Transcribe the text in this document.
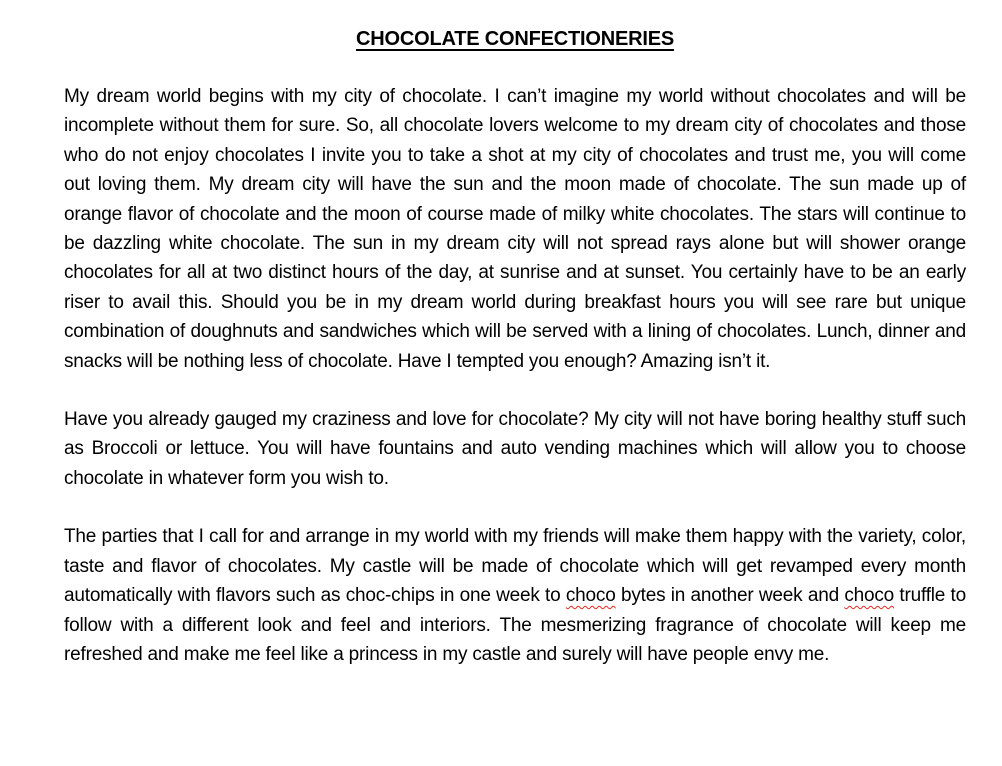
CHOCOLATE CONFECTIONERIES

My dream world begins with my city of chocolate. I can’t imagine my world without chocolates and will be incomplete without them for sure. So, all chocolate lovers welcome to my dream city of chocolates and those who do not enjoy chocolates I invite you to take a shot at my city of chocolates and trust me, you will come out loving them. My dream city will have the sun and the moon made of chocolate. The sun made up of orange flavor of chocolate and the moon of course made of milky white chocolates. The stars will continue to be dazzling white chocolate. The sun in my dream city will not spread rays alone but will shower orange chocolates for all at two distinct hours of the day, at sunrise and at sunset. You certainly have to be an early riser to avail this. Should you be in my dream world during breakfast hours you will see rare but unique combination of doughnuts and sandwiches which will be served with a lining of chocolates. Lunch, dinner and snacks will be nothing less of chocolate. Have I tempted you enough? Amazing isn’t it.

Have you already gauged my craziness and love for chocolate? My city will not have boring healthy stuff such as Broccoli or lettuce. You will have fountains and auto vending machines which will allow you to choose chocolate in whatever form you wish to.

The parties that I call for and arrange in my world with my friends will make them happy with the variety, color, taste and flavor of chocolates. My castle will be made of chocolate which will get revamped every month automatically with flavors such as choc-chips in one week to choco bytes in another week and choco truffle to follow with a different look and feel and interiors. The mesmerizing fragrance of chocolate will keep me refreshed and make me feel like a princess in my castle and surely will have people envy me.
